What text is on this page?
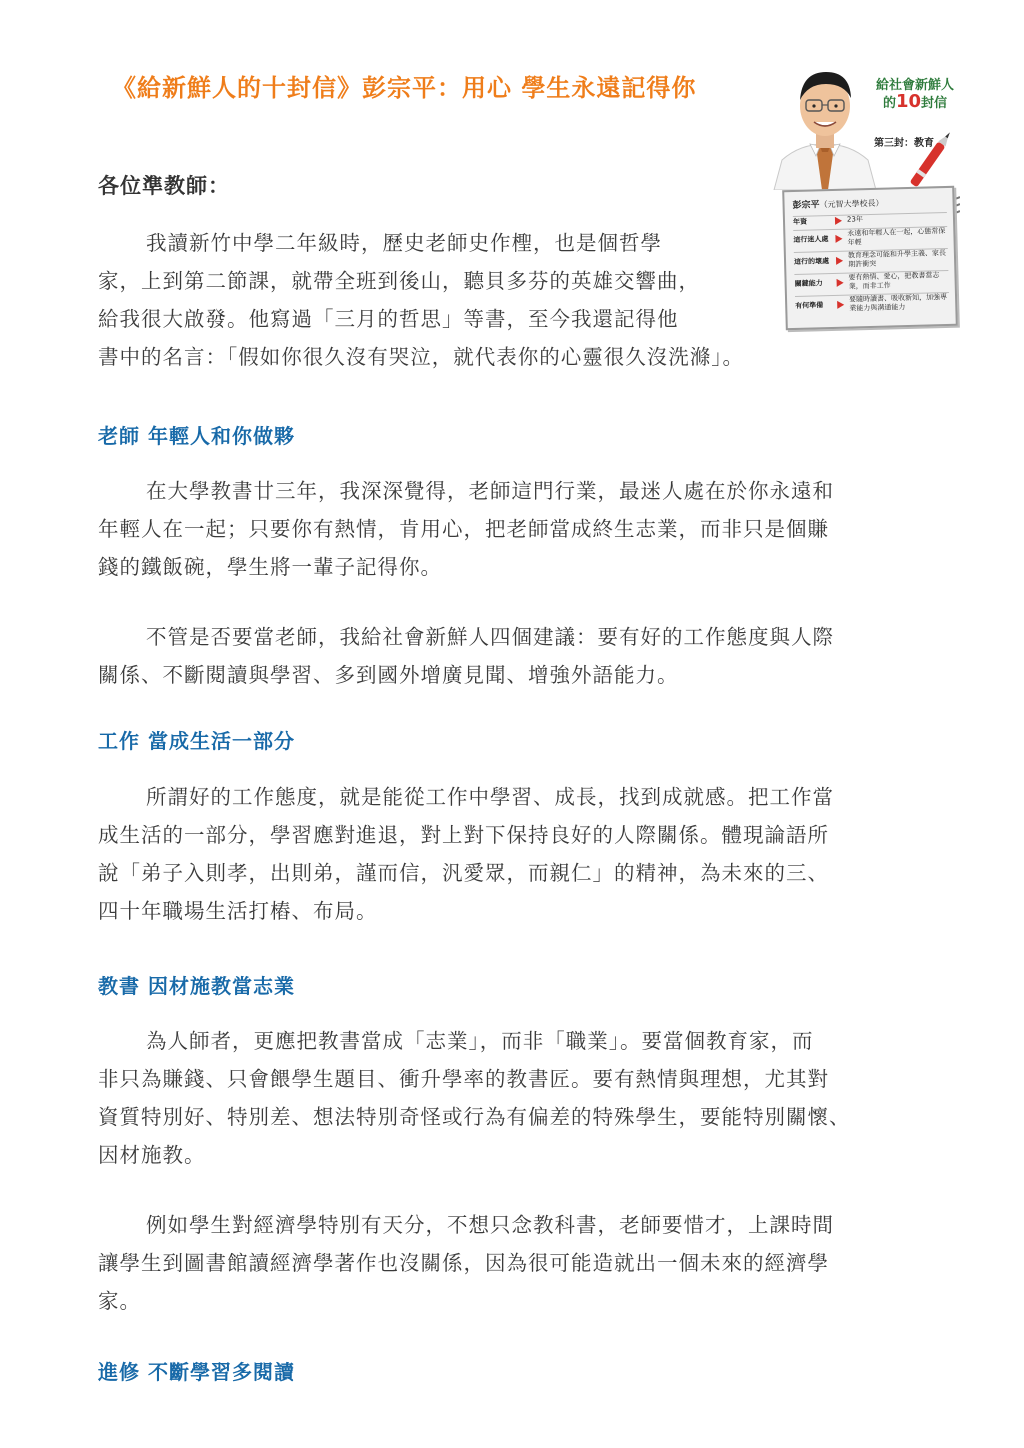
《給新鮮人的十封信》彭宗平：用心 學生永遠記得你	給社會新鮮人
的10封信
第三封：教育
彭宗平（元智大學校長）
年資	23年
這行迷人處
永遠和年輕人在一起，心態常保年輕
這行的壞處
教育理念可能和升學主義、家長期許衝突
關鍵能力
要有熱情、愛心，把教書當志業，而非工作
有何準備
要隨時讀書、吸收新知，加強專業能力與溝通能力
各位準教師：
我讀新竹中學二年級時，歷史老師史作檉，也是個哲學
家，上到第二節課，就帶全班到後山，聽貝多芬的英雄交響曲，
給我很大啟發。他寫過「三月的哲思」等書，至今我還記得他
書中的名言：「假如你很久沒有哭泣，就代表你的心靈很久沒洗滌」。
老師 年輕人和你做夥
在大學教書廿三年，我深深覺得，老師這門行業，最迷人處在於你永遠和
年輕人在一起；只要你有熱情，肯用心，把老師當成終生志業，而非只是個賺
錢的鐵飯碗，學生將一輩子記得你。
不管是否要當老師，我給社會新鮮人四個建議：要有好的工作態度與人際
關係、不斷閱讀與學習、多到國外增廣見聞、增強外語能力。
工作 當成生活一部分
所謂好的工作態度，就是能從工作中學習、成長，找到成就感。把工作當
成生活的一部分，學習應對進退，對上對下保持良好的人際關係。體現論語所
說「弟子入則孝，出則弟，謹而信，汎愛眾，而親仁」的精神，為未來的三、
四十年職場生活打樁、布局。
教書 因材施教當志業
為人師者，更應把教書當成「志業」，而非「職業」。要當個教育家，而
非只為賺錢、只會餵學生題目、衝升學率的教書匠。要有熱情與理想，尤其對
資質特別好、特別差、想法特別奇怪或行為有偏差的特殊學生，要能特別關懷、
因材施教。
例如學生對經濟學特別有天分，不想只念教科書，老師要惜才，上課時間
讓學生到圖書館讀經濟學著作也沒關係，因為很可能造就出一個未來的經濟學
家。
進修 不斷學習多閱讀
